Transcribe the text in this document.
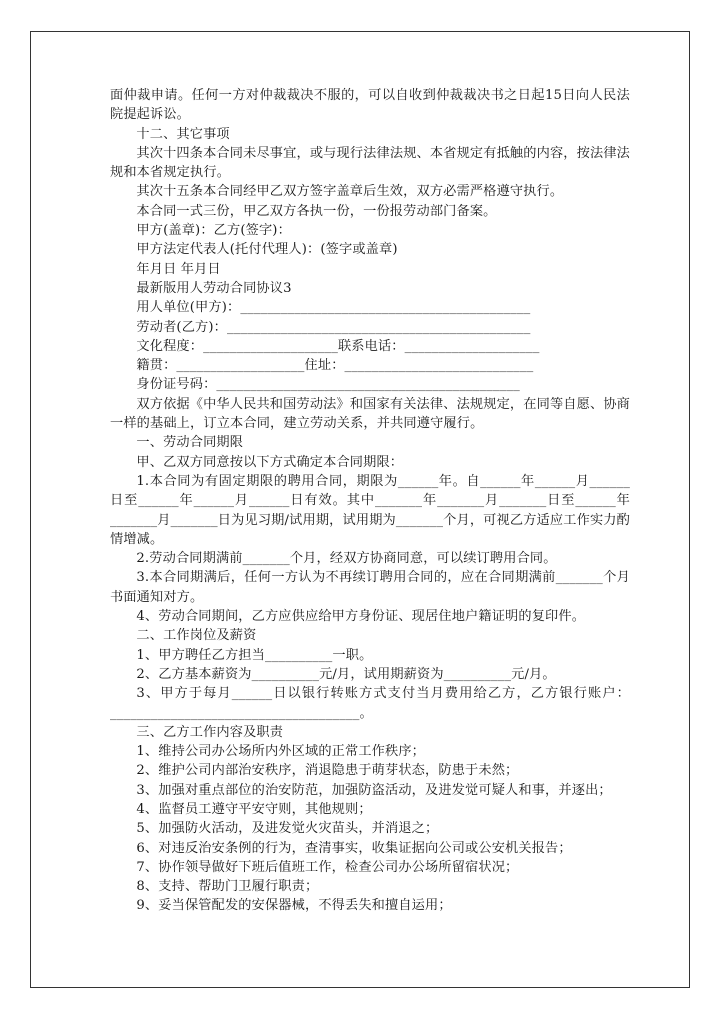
面仲裁申请。任何一方对仲裁裁决不服的，可以自收到仲裁裁决书之日起15日向人民法院提起诉讼。

十二、其它事项

其次十四条本合同未尽事宜，或与现行法律法规、本省规定有抵触的内容，按法律法规和本省规定执行。

其次十五条本合同经甲乙双方签字盖章后生效，双方必需严格遵守执行。

本合同一式三份，甲乙双方各执一份，一份报劳动部门备案。

甲方(盖章)：乙方(签字)：

甲方法定代表人(托付代理人)：(签字或盖章)

年月日 年月日

最新版用人劳动合同协议3

用人单位(甲方)：___________________________________________

劳动者(乙方)：_____________________________________________

文化程度：____________________联系电话：____________________

籍贯：___________________住址：____________________________

身份证号码：_____________________________________________

双方依据《中华人民共和国劳动法》和国家有关法律、法规规定，在同等自愿、协商一样的基础上，订立本合同，建立劳动关系，并共同遵守履行。

一、劳动合同期限

甲、乙双方同意按以下方式确定本合同期限：

1.本合同为有固定期限的聘用合同，期限为______年。自______年______月______日至______年______月______日有效。其中_______年_______月_______日至______年_______月_______日为见习期/试用期，试用期为_______个月，可视乙方适应工作实力酌情增减。

2.劳动合同期满前_______个月，经双方协商同意，可以续订聘用合同。

3.本合同期满后，任何一方认为不再续订聘用合同的，应在合同期满前_______个月书面通知对方。

4、劳动合同期间，乙方应供应给甲方身份证、现居住地户籍证明的复印件。

二、工作岗位及薪资

1、甲方聘任乙方担当__________一职。

2、乙方基本薪资为__________元/月，试用期薪资为__________元/月。

3、甲方于每月______日以银行转账方式支付当月费用给乙方，乙方银行账户：_____________________________________。

三、乙方工作内容及职责

1、维持公司办公场所内外区域的正常工作秩序；

2、维护公司内部治安秩序，消退隐患于萌芽状态，防患于未然；

3、加强对重点部位的治安防范，加强防盗活动，及进发觉可疑人和事，并逐出；

4、监督员工遵守平安守则，其他规则；

5、加强防火活动，及进发觉火灾苗头，并消退之；

6、对违反治安条例的行为，查清事实，收集证据向公司或公安机关报告；

7、协作领导做好下班后值班工作，检查公司办公场所留宿状况；

8、支持、帮助门卫履行职责；

9、妥当保管配发的安保器械，不得丢失和擅自运用；
